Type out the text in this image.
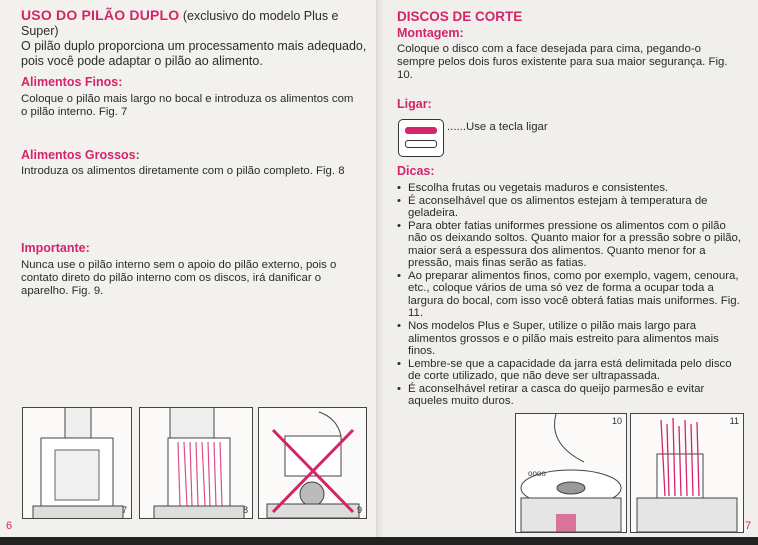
USO DO PILÃO DUPLO (exclusivo do modelo Plus e Super)
O pilão duplo proporciona um processamento mais adequado, pois você pode adaptar o pilão ao alimento.
Alimentos Finos:
Coloque o pilão mais largo no bocal e introduza os alimentos com o pilão interno. Fig. 7
Alimentos Grossos:
Introduza os alimentos diretamente com o pilão completo. Fig. 8
Importante:
Nunca use o pilão interno sem o apoio do pilão externo, pois o contato direto do pilão interno com os discos, irá danificar o aparelho. Fig. 9.
7	8	9
6
DISCOS DE CORTE
Montagem:
Coloque o disco com a face desejada para cima, pegando-o sempre pelos dois furos existente para sua maior segurança. Fig. 10.
Ligar:
......Use a tecla ligar
Dicas:
• Escolha frutas ou vegetais maduros e consistentes.
• É aconselhável que os alimentos estejam à temperatura de geladeira.
• Para obter fatias uniformes pressione os alimentos com o pilão não os deixando soltos. Quanto maior for a pressão sobre o pilão, maior será a espessura dos alimentos. Quanto menor for a pressão, mais finas serão as fatias.
• Ao preparar alimentos finos, como por exemplo, vagem, cenoura, etc., coloque vários de uma só vez de forma a ocupar toda a largura do bocal, com isso você obterá fatias mais uniformes. Fig. 11.
• Nos modelos Plus e Super, utilize o pilão mais largo para alimentos grossos e o pilão mais estreito para alimentos mais finos.
• Lembre-se que a capacidade da jarra está delimitada pelo disco de corte utilizado, que não deve ser ultrapassada.
• É aconselhável retirar a casca do queijo parmesão e evitar aqueles muito duros.
oooo
10	11
7
